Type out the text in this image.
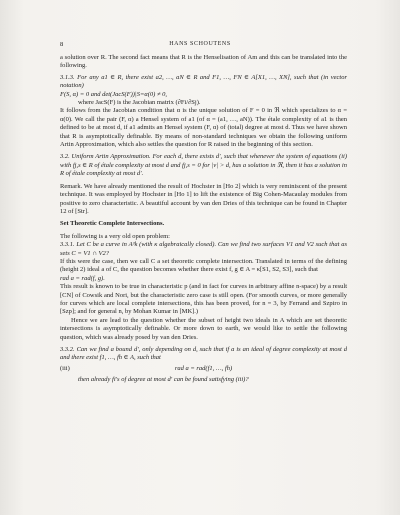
8	HANS SCHOUTENS

a solution over R. The second fact means that R is the Henselisation of Am and this can be translated into the following.

3.1.3. For any a1 ∈ R, there exist a2, …, aN ∈ R and F1, …, FN ∈ A[X1, …, XN], such that (in vector notation)

F(S, α) = 0 and det(JacS(F))|S=α(0) ≠ 0,

where JacS(F) is the Jacobian matrix (∂Fi/∂Sj).

It follows from the Jacobian condition that α is the unique solution of F = 0 in ℜ which specializes to α = α(0). We call the pair (F, α) a Hensel system of a1 (of α = (a1, …, aN)). The étale complexity of a1 is then defined to be at most d, if a1 admits an Hensel system (F, α) of (total) degree at most d. Thus we have shown that R is asymptotically definable. By means of non-standard techniques we obtain the following uniform Artin Approximation, which also settles the question for R raised in the beginning of this section.

3.2. Uniform Artin Approximation. For each d, there exists d′, such that whenever the system of equations (ii) with fj,s ∈ R of étale complexity at most d and fj,s = 0 for |ν| > d, has a solution in ℜ, then it has a solution in R of étale complexity at most d′.

Remark. We have already mentioned the result of Hochster in [Ho 2] which is very reminiscent of the present technique. It was employed by Hochster in [Ho 1] to lift the existence of Big Cohen-Macaulay modules from positive to zero characteristic. A beautiful account by van den Dries of this technique can be found in Chapter 12 of [Str].

Set Theoretic Complete Intersections.

The following is a very old open problem:

3.3.1. Let C be a curve in A³k (with κ algebraically closed). Can we find two surfaces V1 and V2 such that as sets C = V1 ∩ V2?

If this were the case, then we call C a set theoretic complete intersection. Translated in terms of the defining (height 2) ideal a of C, the question becomes whether there exist f, g ∈ A = κ[S1, S2, S3], such that

rad a = rad(f, g).

This result is known to be true in characteristic p (and in fact for curves in arbitrary affine n-space) by a result [CN] of Cowsik and Nori, but the characteristic zero case is still open. (For smooth curves, or more generally for curves which are local complete intersections, this has been proved, for n = 3, by Ferrand and Szpiro in [Szp]; and for general n, by Mohan Kumar in [MK].)

Hence we are lead to the question whether the subset of height two ideals in A which are set theoretic intersections is asymptotically definable. Or more down to earth, we would like to settle the following question, which was already posed by van den Dries.

3.3.2. Can we find a bound d′, only depending on d, such that if a is an ideal of degree complexity at most d and there exist f1, …, fh ∈ A, such that

(iii)	rad a = rad(f1, …, fh)

then already fi's of degree at most d′ can be found satisfying (iii)?
